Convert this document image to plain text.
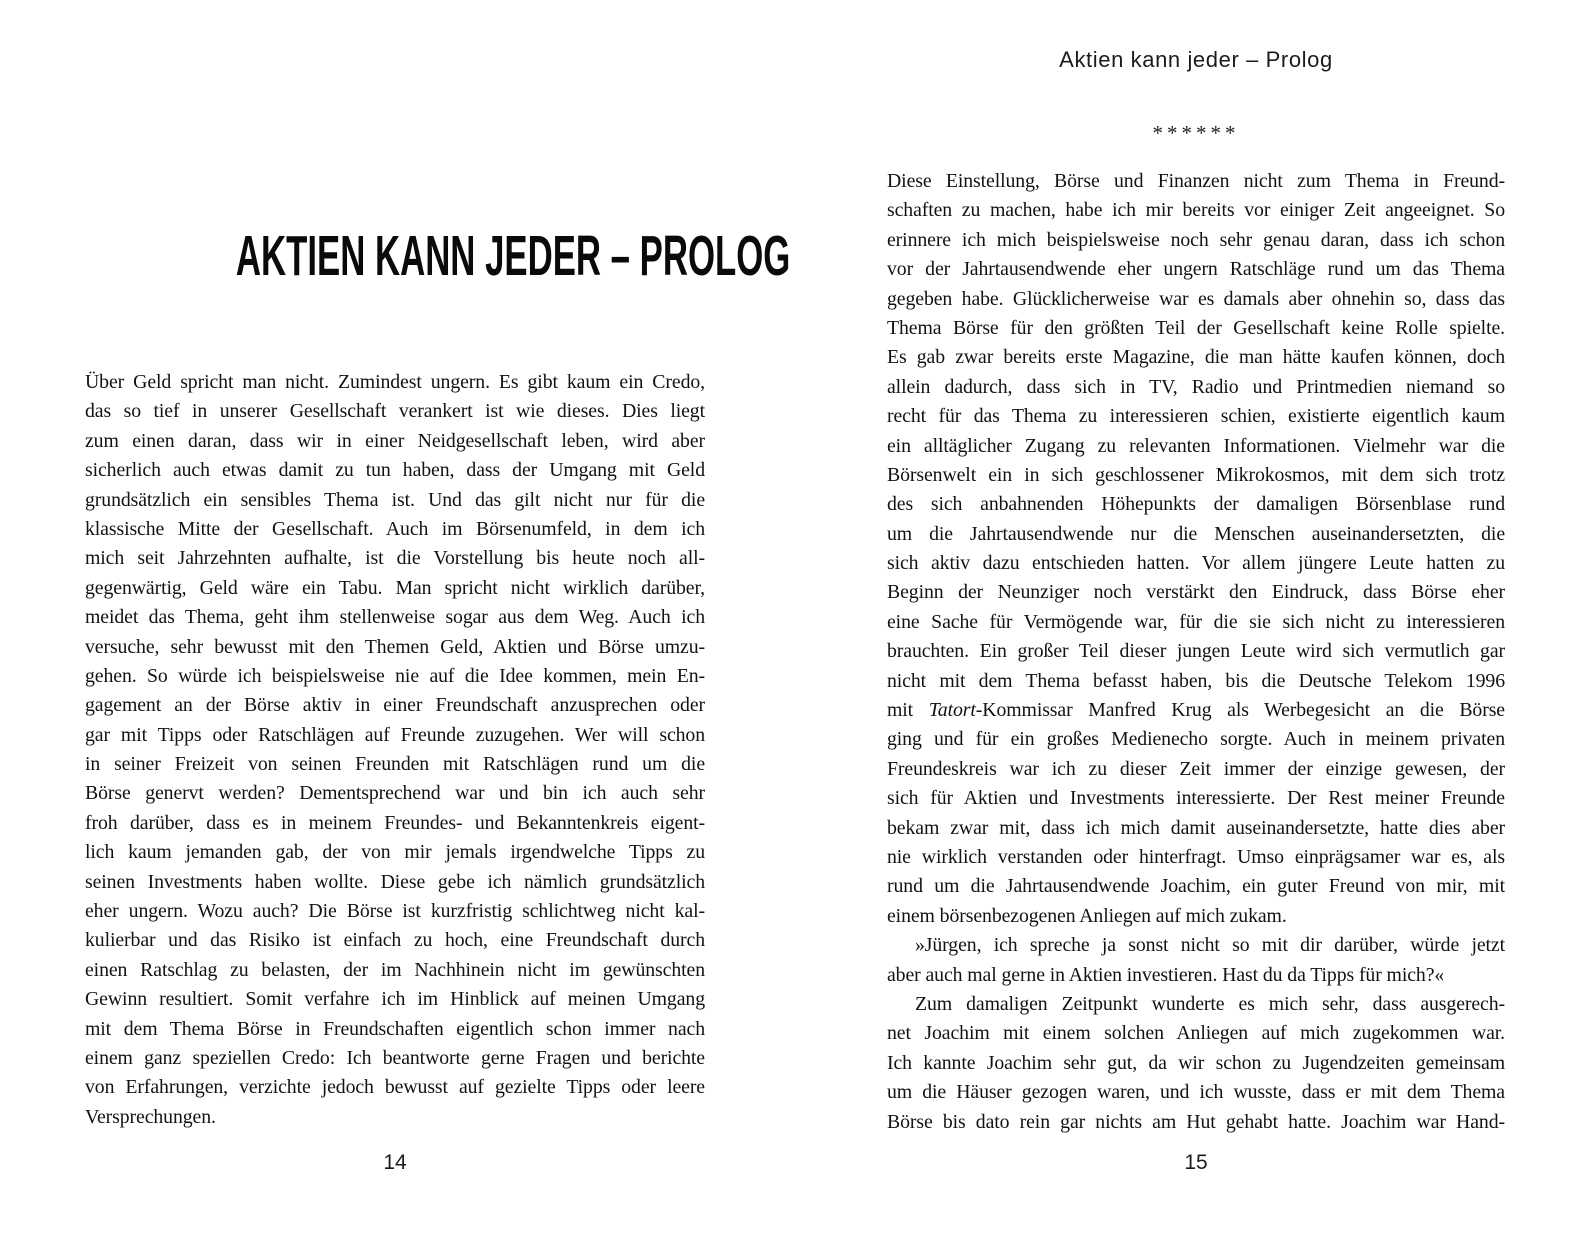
AKTIEN KANN JEDER – PROLOG
Über Geld spricht man nicht. Zumindest ungern. Es gibt kaum ein Credo,
das so tief in unserer Gesellschaft verankert ist wie dieses. Dies liegt
zum einen daran, dass wir in einer Neidgesellschaft leben, wird aber
sicherlich auch etwas damit zu tun haben, dass der Umgang mit Geld
grundsätzlich ein sensibles Thema ist. Und das gilt nicht nur für die
klassische Mitte der Gesellschaft. Auch im Börsenumfeld, in dem ich
mich seit Jahrzehnten aufhalte, ist die Vorstellung bis heute noch all-
gegenwärtig, Geld wäre ein Tabu. Man spricht nicht wirklich darüber,
meidet das Thema, geht ihm stellenweise sogar aus dem Weg. Auch ich
versuche, sehr bewusst mit den Themen Geld, Aktien und Börse umzu-
gehen. So würde ich beispielsweise nie auf die Idee kommen, mein En-
gagement an der Börse aktiv in einer Freundschaft anzusprechen oder
gar mit Tipps oder Ratschlägen auf Freunde zuzugehen. Wer will schon
in seiner Freizeit von seinen Freunden mit Ratschlägen rund um die
Börse genervt werden? Dementsprechend war und bin ich auch sehr
froh darüber, dass es in meinem Freundes- und Bekanntenkreis eigent-
lich kaum jemanden gab, der von mir jemals irgendwelche Tipps zu
seinen Investments haben wollte. Diese gebe ich nämlich grundsätzlich
eher ungern. Wozu auch? Die Börse ist kurzfristig schlichtweg nicht kal-
kulierbar und das Risiko ist einfach zu hoch, eine Freundschaft durch
einen Ratschlag zu belasten, der im Nachhinein nicht im gewünschten
Gewinn resultiert. Somit verfahre ich im Hinblick auf meinen Umgang
mit dem Thema Börse in Freundschaften eigentlich schon immer nach
einem ganz speziellen Credo: Ich beantworte gerne Fragen und berichte
von Erfahrungen, verzichte jedoch bewusst auf gezielte Tipps oder leere
Versprechungen.
14
Aktien kann jeder – Prolog
******
Diese Einstellung, Börse und Finanzen nicht zum Thema in Freund-
schaften zu machen, habe ich mir bereits vor einiger Zeit angeeignet. So
erinnere ich mich beispielsweise noch sehr genau daran, dass ich schon
vor der Jahrtausendwende eher ungern Ratschläge rund um das Thema
gegeben habe. Glücklicherweise war es damals aber ohnehin so, dass das
Thema Börse für den größten Teil der Gesellschaft keine Rolle spielte.
Es gab zwar bereits erste Magazine, die man hätte kaufen können, doch
allein dadurch, dass sich in TV, Radio und Printmedien niemand so
recht für das Thema zu interessieren schien, existierte eigentlich kaum
ein alltäglicher Zugang zu relevanten Informationen. Vielmehr war die
Börsenwelt ein in sich geschlossener Mikrokosmos, mit dem sich trotz
des sich anbahnenden Höhepunkts der damaligen Börsenblase rund
um die Jahrtausendwende nur die Menschen auseinandersetzten, die
sich aktiv dazu entschieden hatten. Vor allem jüngere Leute hatten zu
Beginn der Neunziger noch verstärkt den Eindruck, dass Börse eher
eine Sache für Vermögende war, für die sie sich nicht zu interessieren
brauchten. Ein großer Teil dieser jungen Leute wird sich vermutlich gar
nicht mit dem Thema befasst haben, bis die Deutsche Telekom 1996
mit Tatort-Kommissar Manfred Krug als Werbegesicht an die Börse
ging und für ein großes Medienecho sorgte. Auch in meinem privaten
Freundeskreis war ich zu dieser Zeit immer der einzige gewesen, der
sich für Aktien und Investments interessierte. Der Rest meiner Freunde
bekam zwar mit, dass ich mich damit auseinandersetzte, hatte dies aber
nie wirklich verstanden oder hinterfragt. Umso einprägsamer war es, als
rund um die Jahrtausendwende Joachim, ein guter Freund von mir, mit
einem börsenbezogenen Anliegen auf mich zukam.
»Jürgen, ich spreche ja sonst nicht so mit dir darüber, würde jetzt
aber auch mal gerne in Aktien investieren. Hast du da Tipps für mich?«
Zum damaligen Zeitpunkt wunderte es mich sehr, dass ausgerech-
net Joachim mit einem solchen Anliegen auf mich zugekommen war.
Ich kannte Joachim sehr gut, da wir schon zu Jugendzeiten gemeinsam
um die Häuser gezogen waren, und ich wusste, dass er mit dem Thema
Börse bis dato rein gar nichts am Hut gehabt hatte. Joachim war Hand-
15
